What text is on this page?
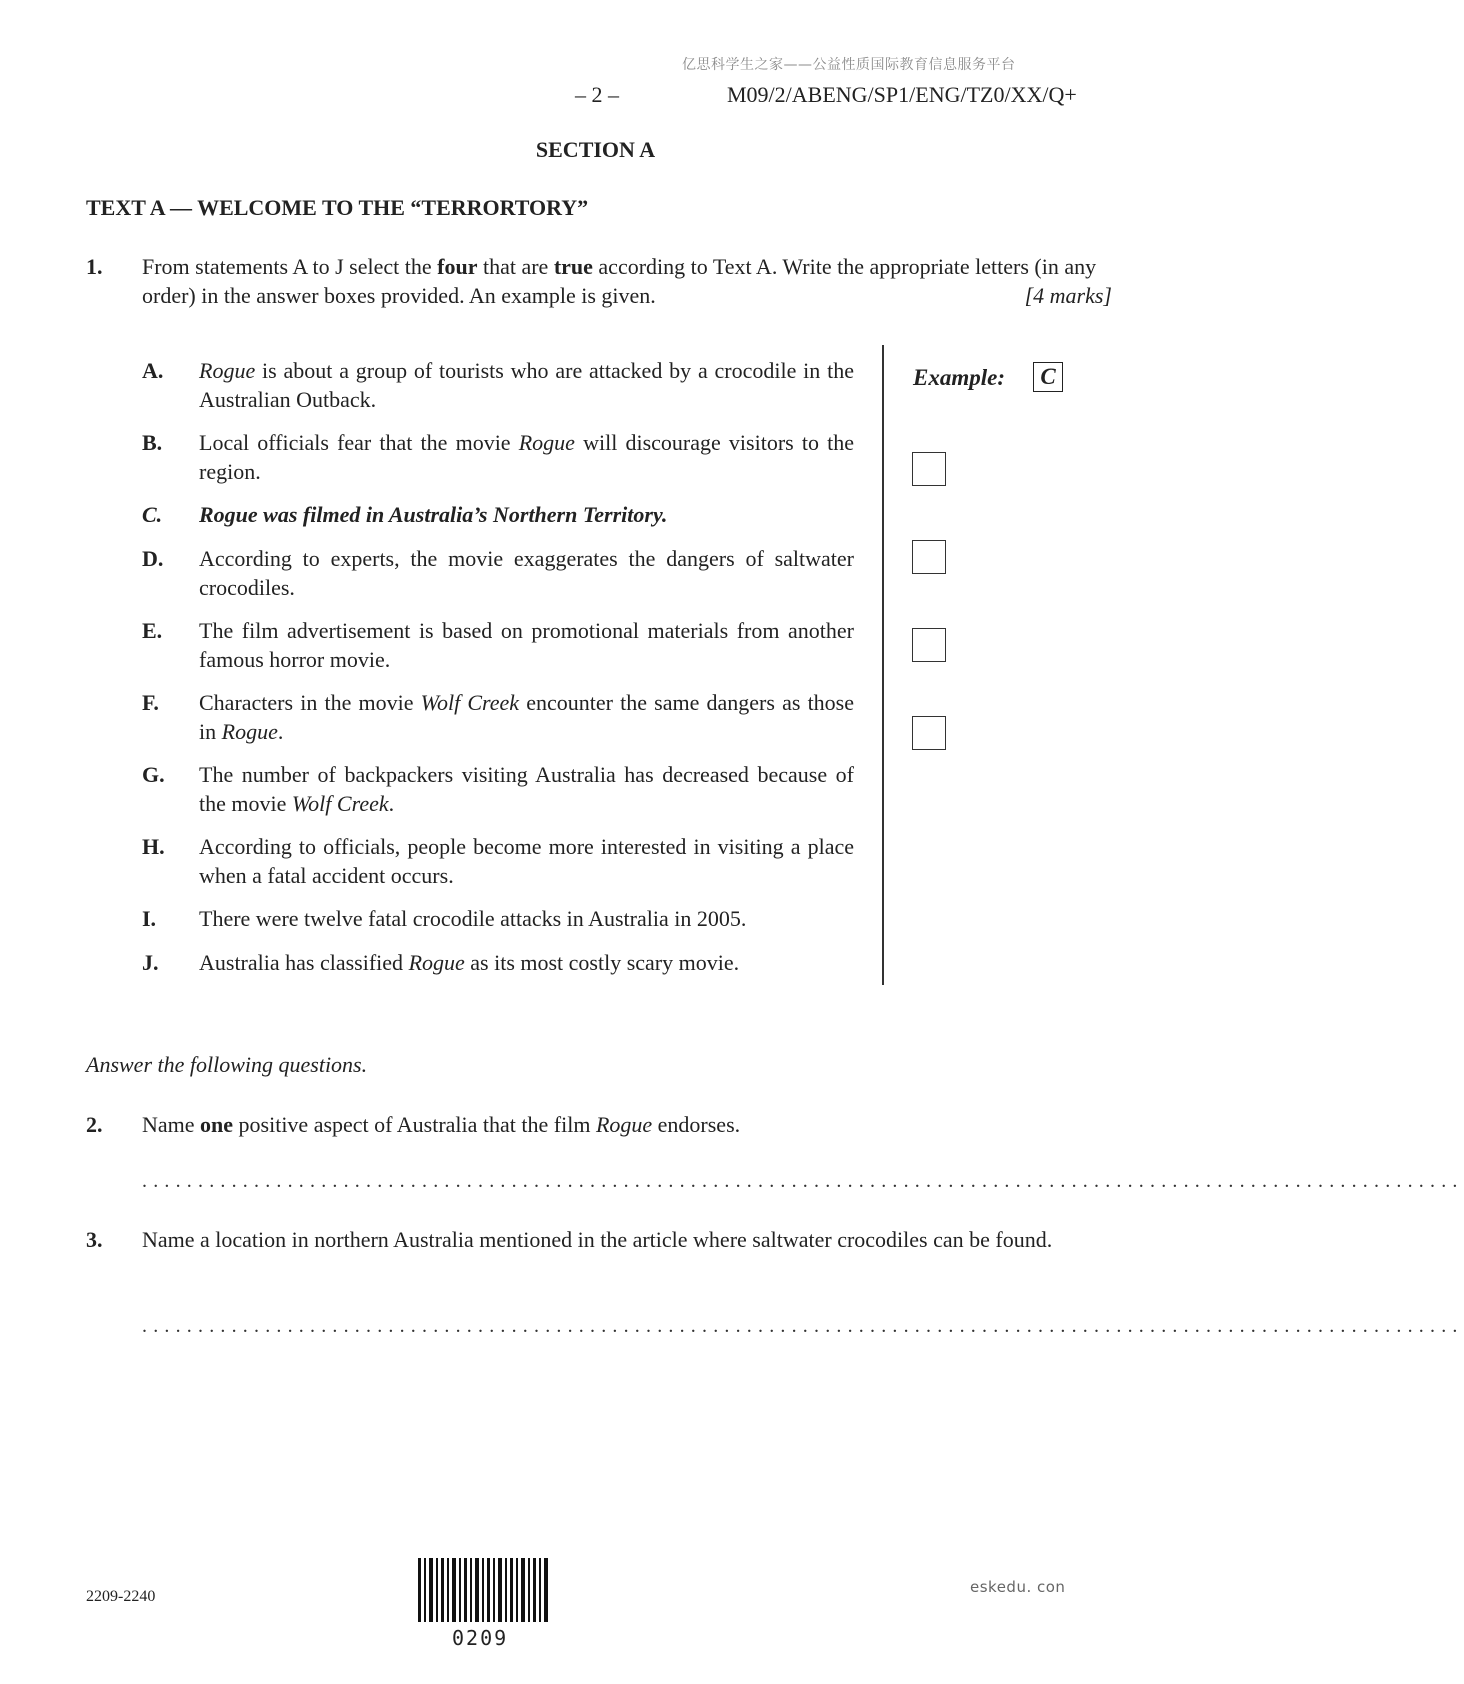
亿思科学生之家——公益性质国际教育信息服务平台
– 2 –	M09/2/ABENG/SP1/ENG/TZ0/XX/Q+
SECTION A
TEXT A — WELCOME TO THE “TERRORTORY”
1. From statements A to J select the four that are true according to Text A. Write the appropriate letters (in any order) in the answer boxes provided. An example is given.	[4 marks]
A. Rogue is about a group of tourists who are attacked by a crocodile in the Australian Outback.
B. Local officials fear that the movie Rogue will discourage visitors to the region.
C. Rogue was filmed in Australia’s Northern Territory.
D. According to experts, the movie exaggerates the dangers of saltwater crocodiles.
E. The film advertisement is based on promotional materials from another famous horror movie.
F. Characters in the movie Wolf Creek encounter the same dangers as those in Rogue.
G. The number of backpackers visiting Australia has decreased because of the movie Wolf Creek.
H. According to officials, people become more interested in visiting a place when a fatal accident occurs.
I. There were twelve fatal crocodile attacks in Australia in 2005.
J. Australia has classified Rogue as its most costly scary movie.
Example:	C
Answer the following questions.
2. Name one positive aspect of Australia that the film Rogue endorses.
......................................................................................................................
3. Name a location in northern Australia mentioned in the article where saltwater crocodiles can be found.
......................................................................................................................
2209-2240
0209
eskedu. con
